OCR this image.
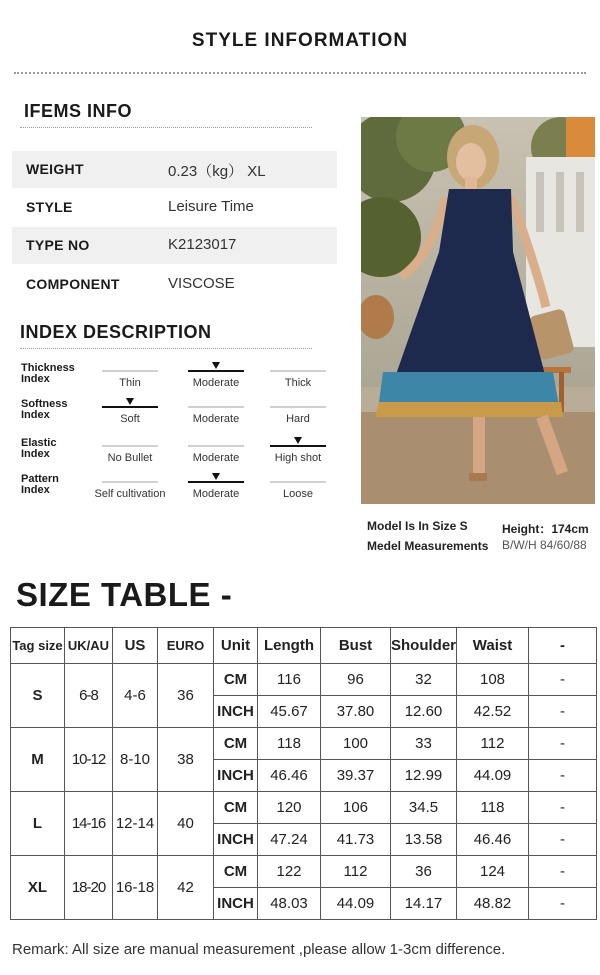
STYLE INFORMATION
IFEMS INFO
WEIGHT	0.23（kg） XL
STYLE	Leisure Time
TYPE NO	K2123017
COMPONENT	VISCOSE
INDEX DESCRIPTION
Thickness
Index	Thin	Moderate	Thick
Softness
Index	Soft	Moderate	Hard
Elastic
Index	No Bullet	Moderate	High shot
Pattern
Index	Self cultivation	Moderate	Loose
Model Is In Size S
Medel Measurements
Height：174cm
B/W/H 84/60/88
SIZE TABLE -
Tag size	UK/AU	US	EURO	Unit	Length	Bust	Shoulder	Waist	-
S	6-8	4-6	36	CM	116	96	32	108	-
				INCH	45.67	37.80	12.60	42.52	-
M	10-12	8-10	38	CM	118	100	33	112	-
				INCH	46.46	39.37	12.99	44.09	-
L	14-16	12-14	40	CM	120	106	34.5	118	-
				INCH	47.24	41.73	13.58	46.46	-
XL	18-20	16-18	42	CM	122	112	36	124	-
				INCH	48.03	44.09	14.17	48.82	-
Remark: All size are manual measurement ,please allow 1-3cm difference.
